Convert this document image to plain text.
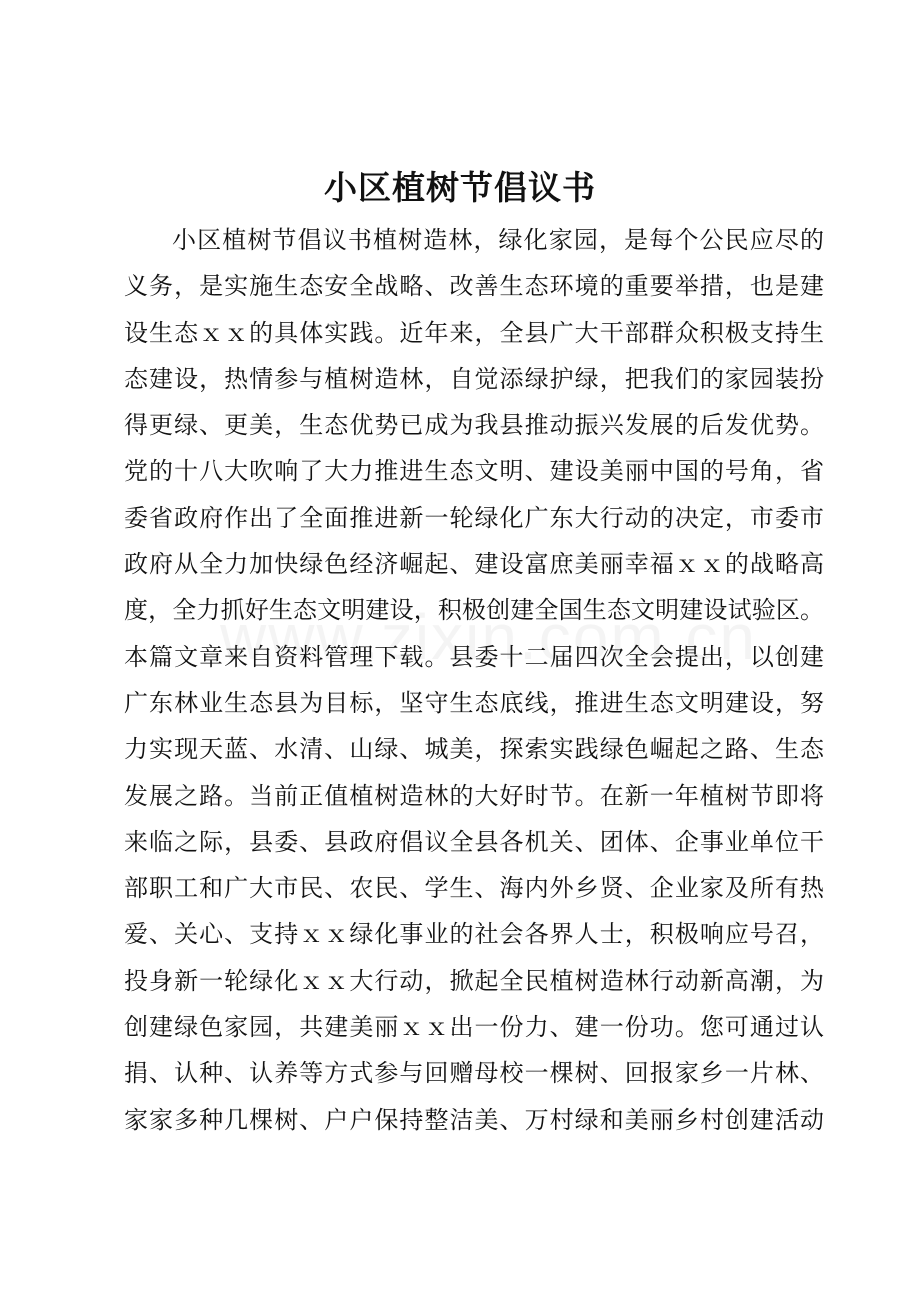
小区植树节倡议书
小区植树节倡议书植树造林，绿化家园，是每个公民应尽的
义务，是实施生态安全战略、改善生态环境的重要举措，也是建
设生态ｘｘ的具体实践。近年来，全县广大干部群众积极支持生
态建设，热情参与植树造林，自觉添绿护绿，把我们的家园装扮
得更绿、更美，生态优势已成为我县推动振兴发展的后发优势。
党的十八大吹响了大力推进生态文明、建设美丽中国的号角，省
委省政府作出了全面推进新一轮绿化广东大行动的决定，市委市
政府从全力加快绿色经济崛起、建设富庶美丽幸福ｘｘ的战略高
度，全力抓好生态文明建设，积极创建全国生态文明建设试验区。
本篇文章来自资料管理下载。县委十二届四次全会提出，以创建
广东林业生态县为目标，坚守生态底线，推进生态文明建设，努
力实现天蓝、水清、山绿、城美，探索实践绿色崛起之路、生态
发展之路。当前正值植树造林的大好时节。在新一年植树节即将
来临之际，县委、县政府倡议全县各机关、团体、企事业单位干
部职工和广大市民、农民、学生、海内外乡贤、企业家及所有热
爱、关心、支持ｘｘ绿化事业的社会各界人士，积极响应号召，
投身新一轮绿化ｘｘ大行动，掀起全民植树造林行动新高潮，为
创建绿色家园，共建美丽ｘｘ出一份力、建一份功。您可通过认
捐、认种、认养等方式参与回赠母校一棵树、回报家乡一片林、
家家多种几棵树、户户保持整洁美、万村绿和美丽乡村创建活动
